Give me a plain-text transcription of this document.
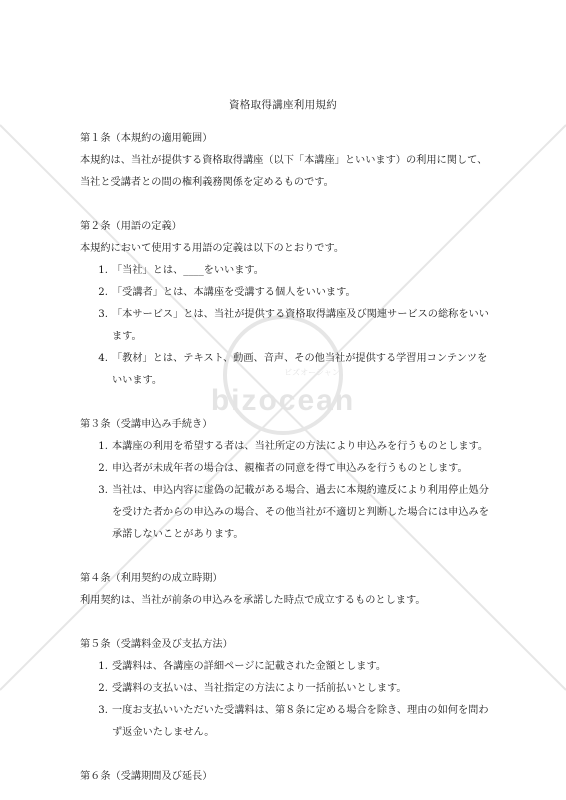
bizocean
ビズオーシャン
資格取得講座利用規約

第１条（本規約の適用範囲）

本規約は、当社が提供する資格取得講座（以下「本講座」といいます）の利用に関して、当社と受講者との間の権利義務関係を定めるものです。

第２条（用語の定義）

本規約において使用する用語の定義は以下のとおりです。

1. 「当社」とは、____をいいます。
2. 「受講者」とは、本講座を受講する個人をいいます。
3. 「本サービス」とは、当社が提供する資格取得講座及び関連サービスの総称をいいます。
4. 「教材」とは、テキスト、動画、音声、その他当社が提供する学習用コンテンツをいいます。

第３条（受講申込み手続き）

1. 本講座の利用を希望する者は、当社所定の方法により申込みを行うものとします。
2. 申込者が未成年者の場合は、親権者の同意を得て申込みを行うものとします。
3. 当社は、申込内容に虚偽の記載がある場合、過去に本規約違反により利用停止処分を受けた者からの申込みの場合、その他当社が不適切と判断した場合には申込みを承諾しないことがあります。

第４条（利用契約の成立時期）

利用契約は、当社が前条の申込みを承諾した時点で成立するものとします。

第５条（受講料金及び支払方法）

1. 受講料は、各講座の詳細ページに記載された金額とします。
2. 受講料の支払いは、当社指定の方法により一括前払いとします。
3. 一度お支払いいただいた受講料は、第８条に定める場合を除き、理由の如何を問わず返金いたしません。

第６条（受講期間及び延長）
